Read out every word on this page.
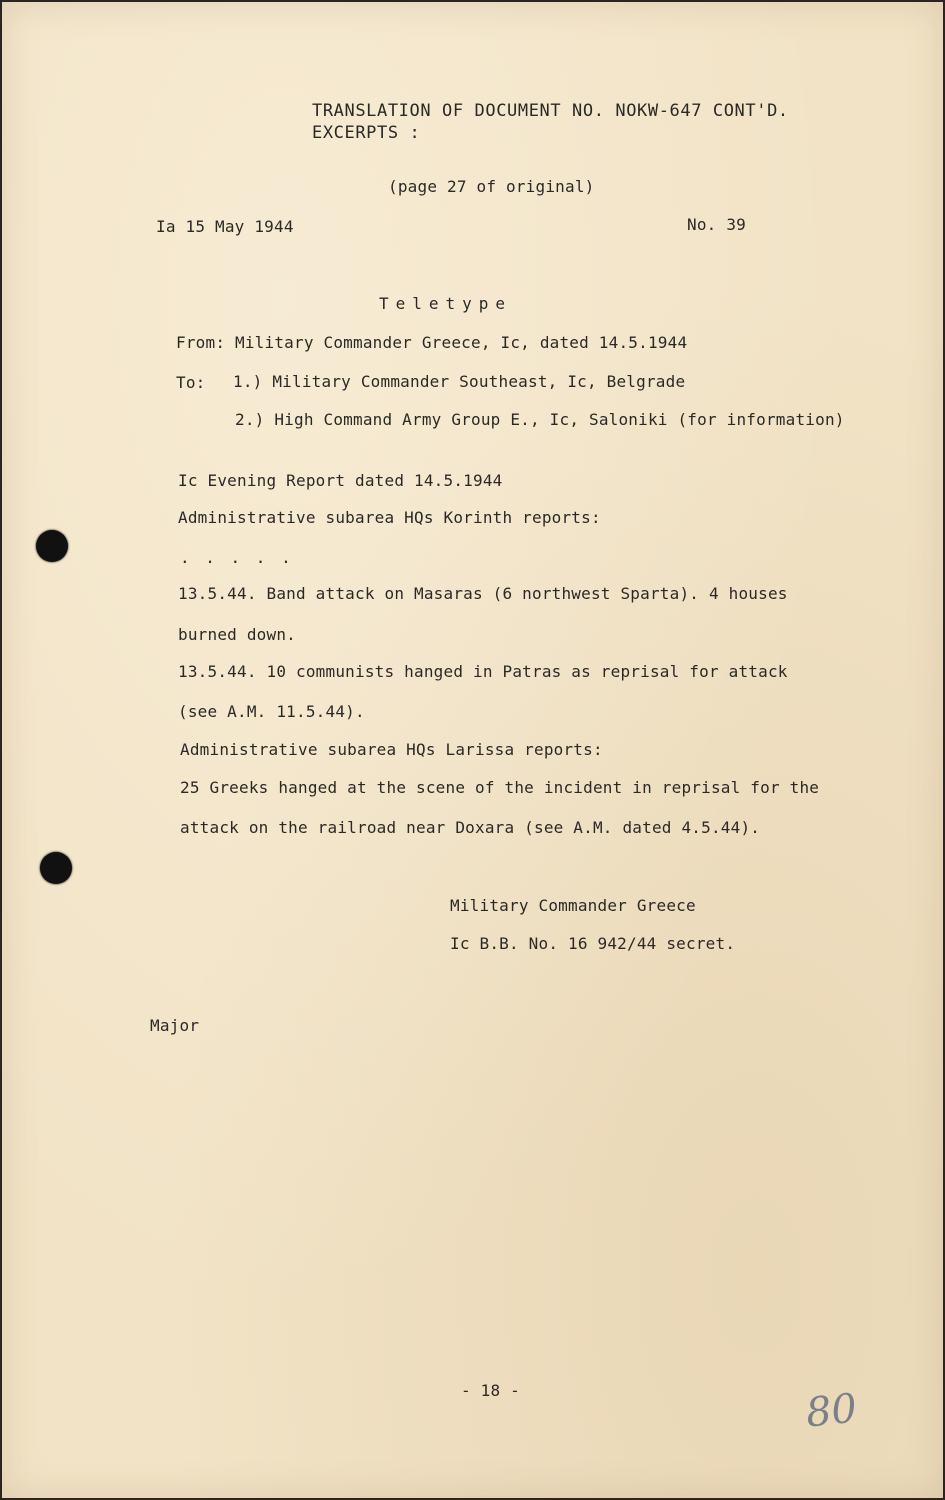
TRANSLATION OF DOCUMENT NO. NOKW-647 CONT'D.
EXCERPTS :
(page 27 of original)
Ia 15 May 1944	No. 39
Teletype
From: Military Commander Greece, Ic, dated 14.5.1944
To: 1.) Military Commander Southeast, Ic, Belgrade
2.) High Command Army Group E., Ic, Saloniki (for information)
Ic Evening Report dated 14.5.1944
Administrative subarea HQs Korinth reports:
. . . . .
13.5.44. Band attack on Masaras (6 northwest Sparta). 4 houses
burned down.
13.5.44. 10 communists hanged in Patras as reprisal for attack
(see A.M. 11.5.44).
Administrative subarea HQs Larissa reports:
25 Greeks hanged at the scene of the incident in reprisal for the
attack on the railroad near Doxara (see A.M. dated 4.5.44).
Military Commander Greece
Ic B.B. No. 16 942/44 secret.
Major
- 18 -	80
